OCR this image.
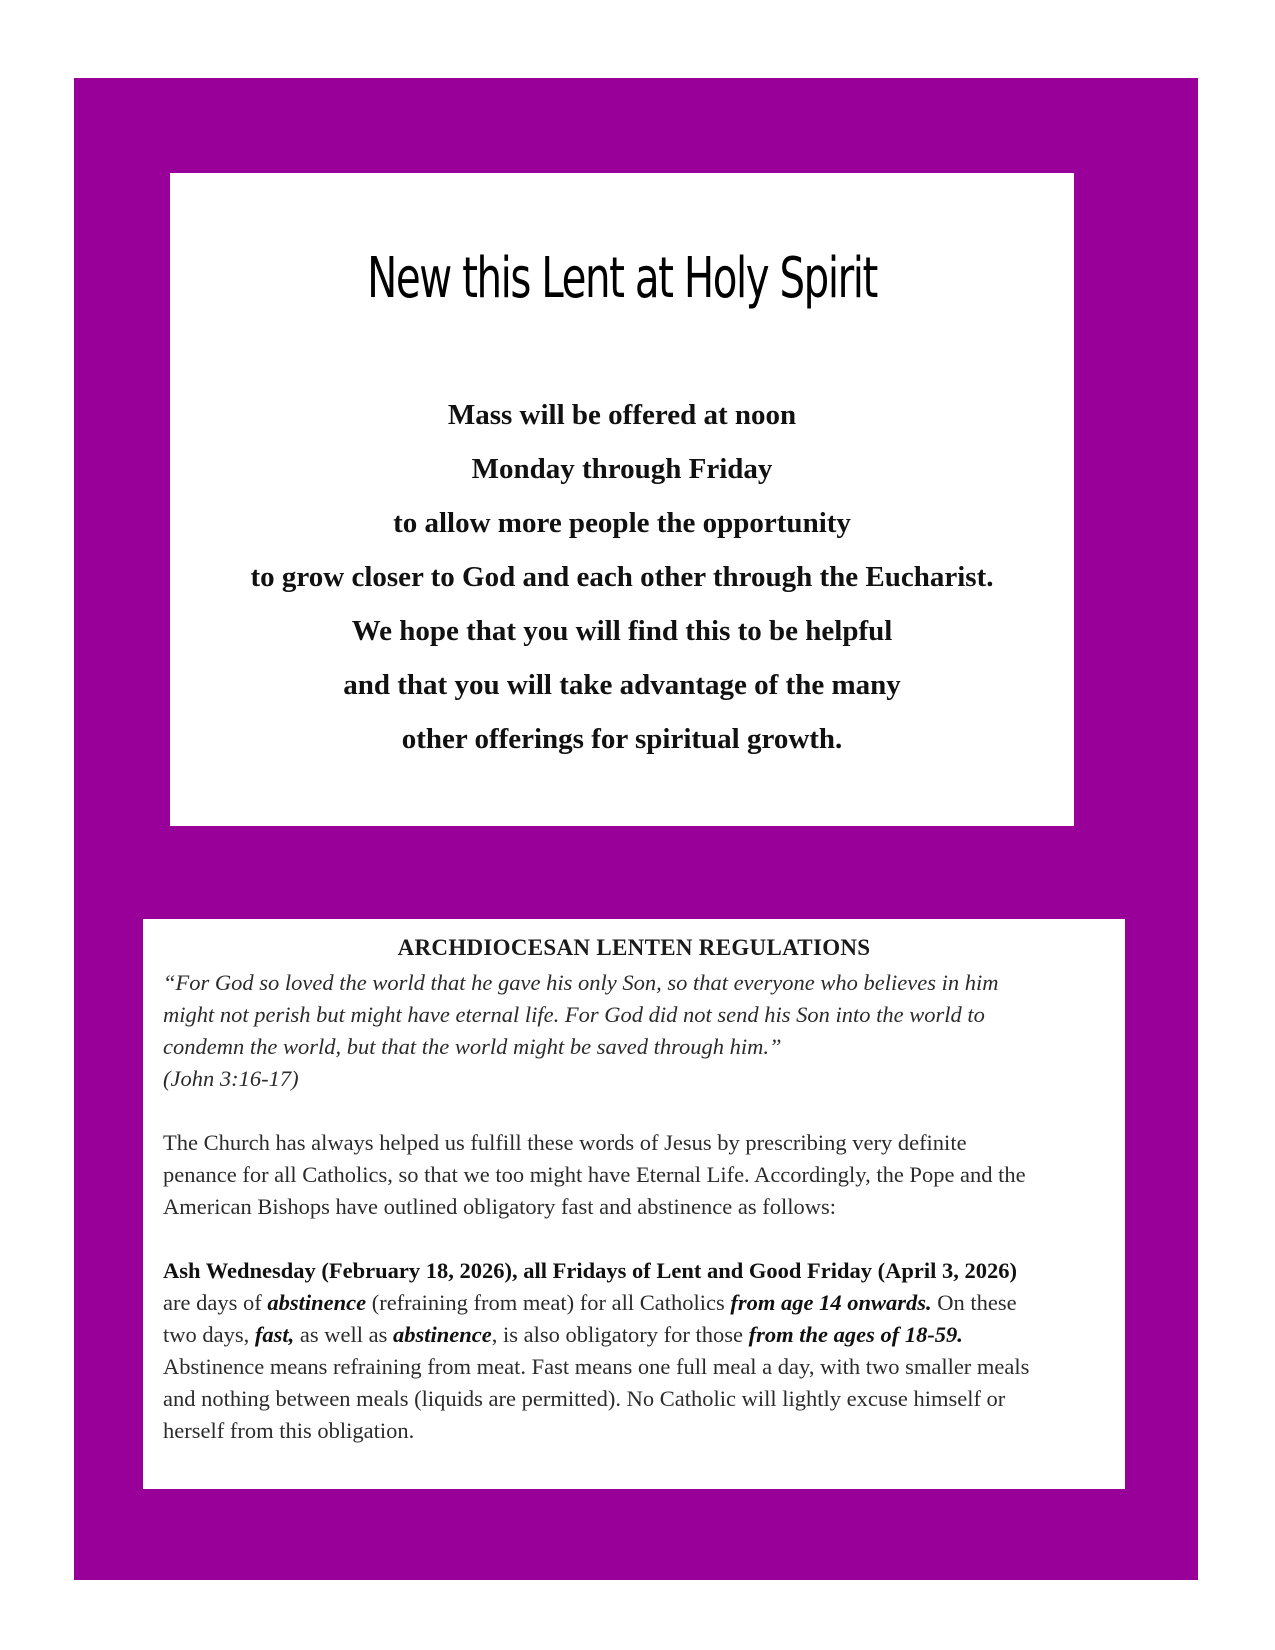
New this Lent at Holy Spirit
Mass will be offered at noon
Monday through Friday
to allow more people the opportunity
to grow closer to God and each other through the Eucharist.
We hope that you will find this to be helpful
and that you will take advantage of the many
other offerings for spiritual growth.
ARCHDIOCESAN LENTEN REGULATIONS
“For God so loved the world that he gave his only Son, so that everyone who believes in him
might not perish but might have eternal life. For God did not send his Son into the world to
condemn the world, but that the world might be saved through him.”
(John 3:16-17)

The Church has always helped us fulfill these words of Jesus by prescribing very definite
penance for all Catholics, so that we too might have Eternal Life. Accordingly, the Pope and the
American Bishops have outlined obligatory fast and abstinence as follows:

Ash Wednesday (February 18, 2026), all Fridays of Lent and Good Friday (April 3, 2026)
are days of abstinence (refraining from meat) for all Catholics from age 14 onwards. On these
two days, fast, as well as abstinence, is also obligatory for those from the ages of 18-59.
Abstinence means refraining from meat. Fast means one full meal a day, with two smaller meals
and nothing between meals (liquids are permitted). No Catholic will lightly excuse himself or
herself from this obligation.
